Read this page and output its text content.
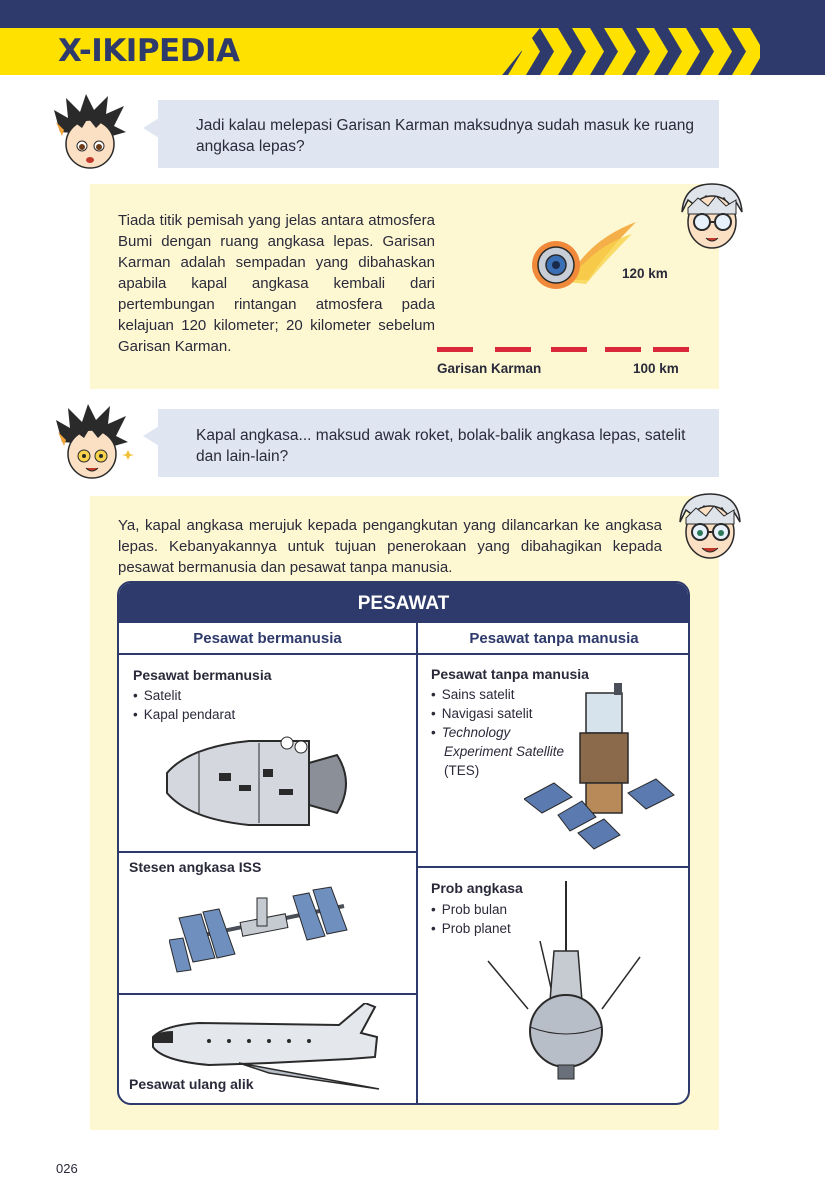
X-IKIPEDIA
Jadi kalau melepasi Garisan Karman maksudnya sudah masuk ke ruang angkasa lepas?
Tiada titik pemisah yang jelas antara atmosfera Bumi dengan ruang angkasa lepas. Garisan Karman adalah sempadan yang dibahaskan apabila kapal angkasa kembali dari pertembungan rintangan atmosfera pada kelajuan 120 kilometer; 20 kilometer sebelum Garisan Karman.
120 km
Garisan Karman	100 km
Kapal angkasa... maksud awak roket, bolak-balik angkasa lepas, satelit dan lain-lain?
Ya, kapal angkasa merujuk kepada pengangkutan yang dilancarkan ke angkasa lepas. Kebanyakannya untuk tujuan penerokaan yang dibahagikan kepada pesawat bermanusia dan pesawat tanpa manusia.
PESAWAT
Pesawat bermanusia	Pesawat tanpa manusia
Pesawat bermanusia
• Satelit
• Kapal pendarat
Stesen angkasa ISS
Pesawat ulang alik
Pesawat tanpa manusia
• Sains satelit
• Navigasi satelit
• Technology Experiment Satellite
(TES)
Prob angkasa
• Prob bulan
• Prob planet
026
